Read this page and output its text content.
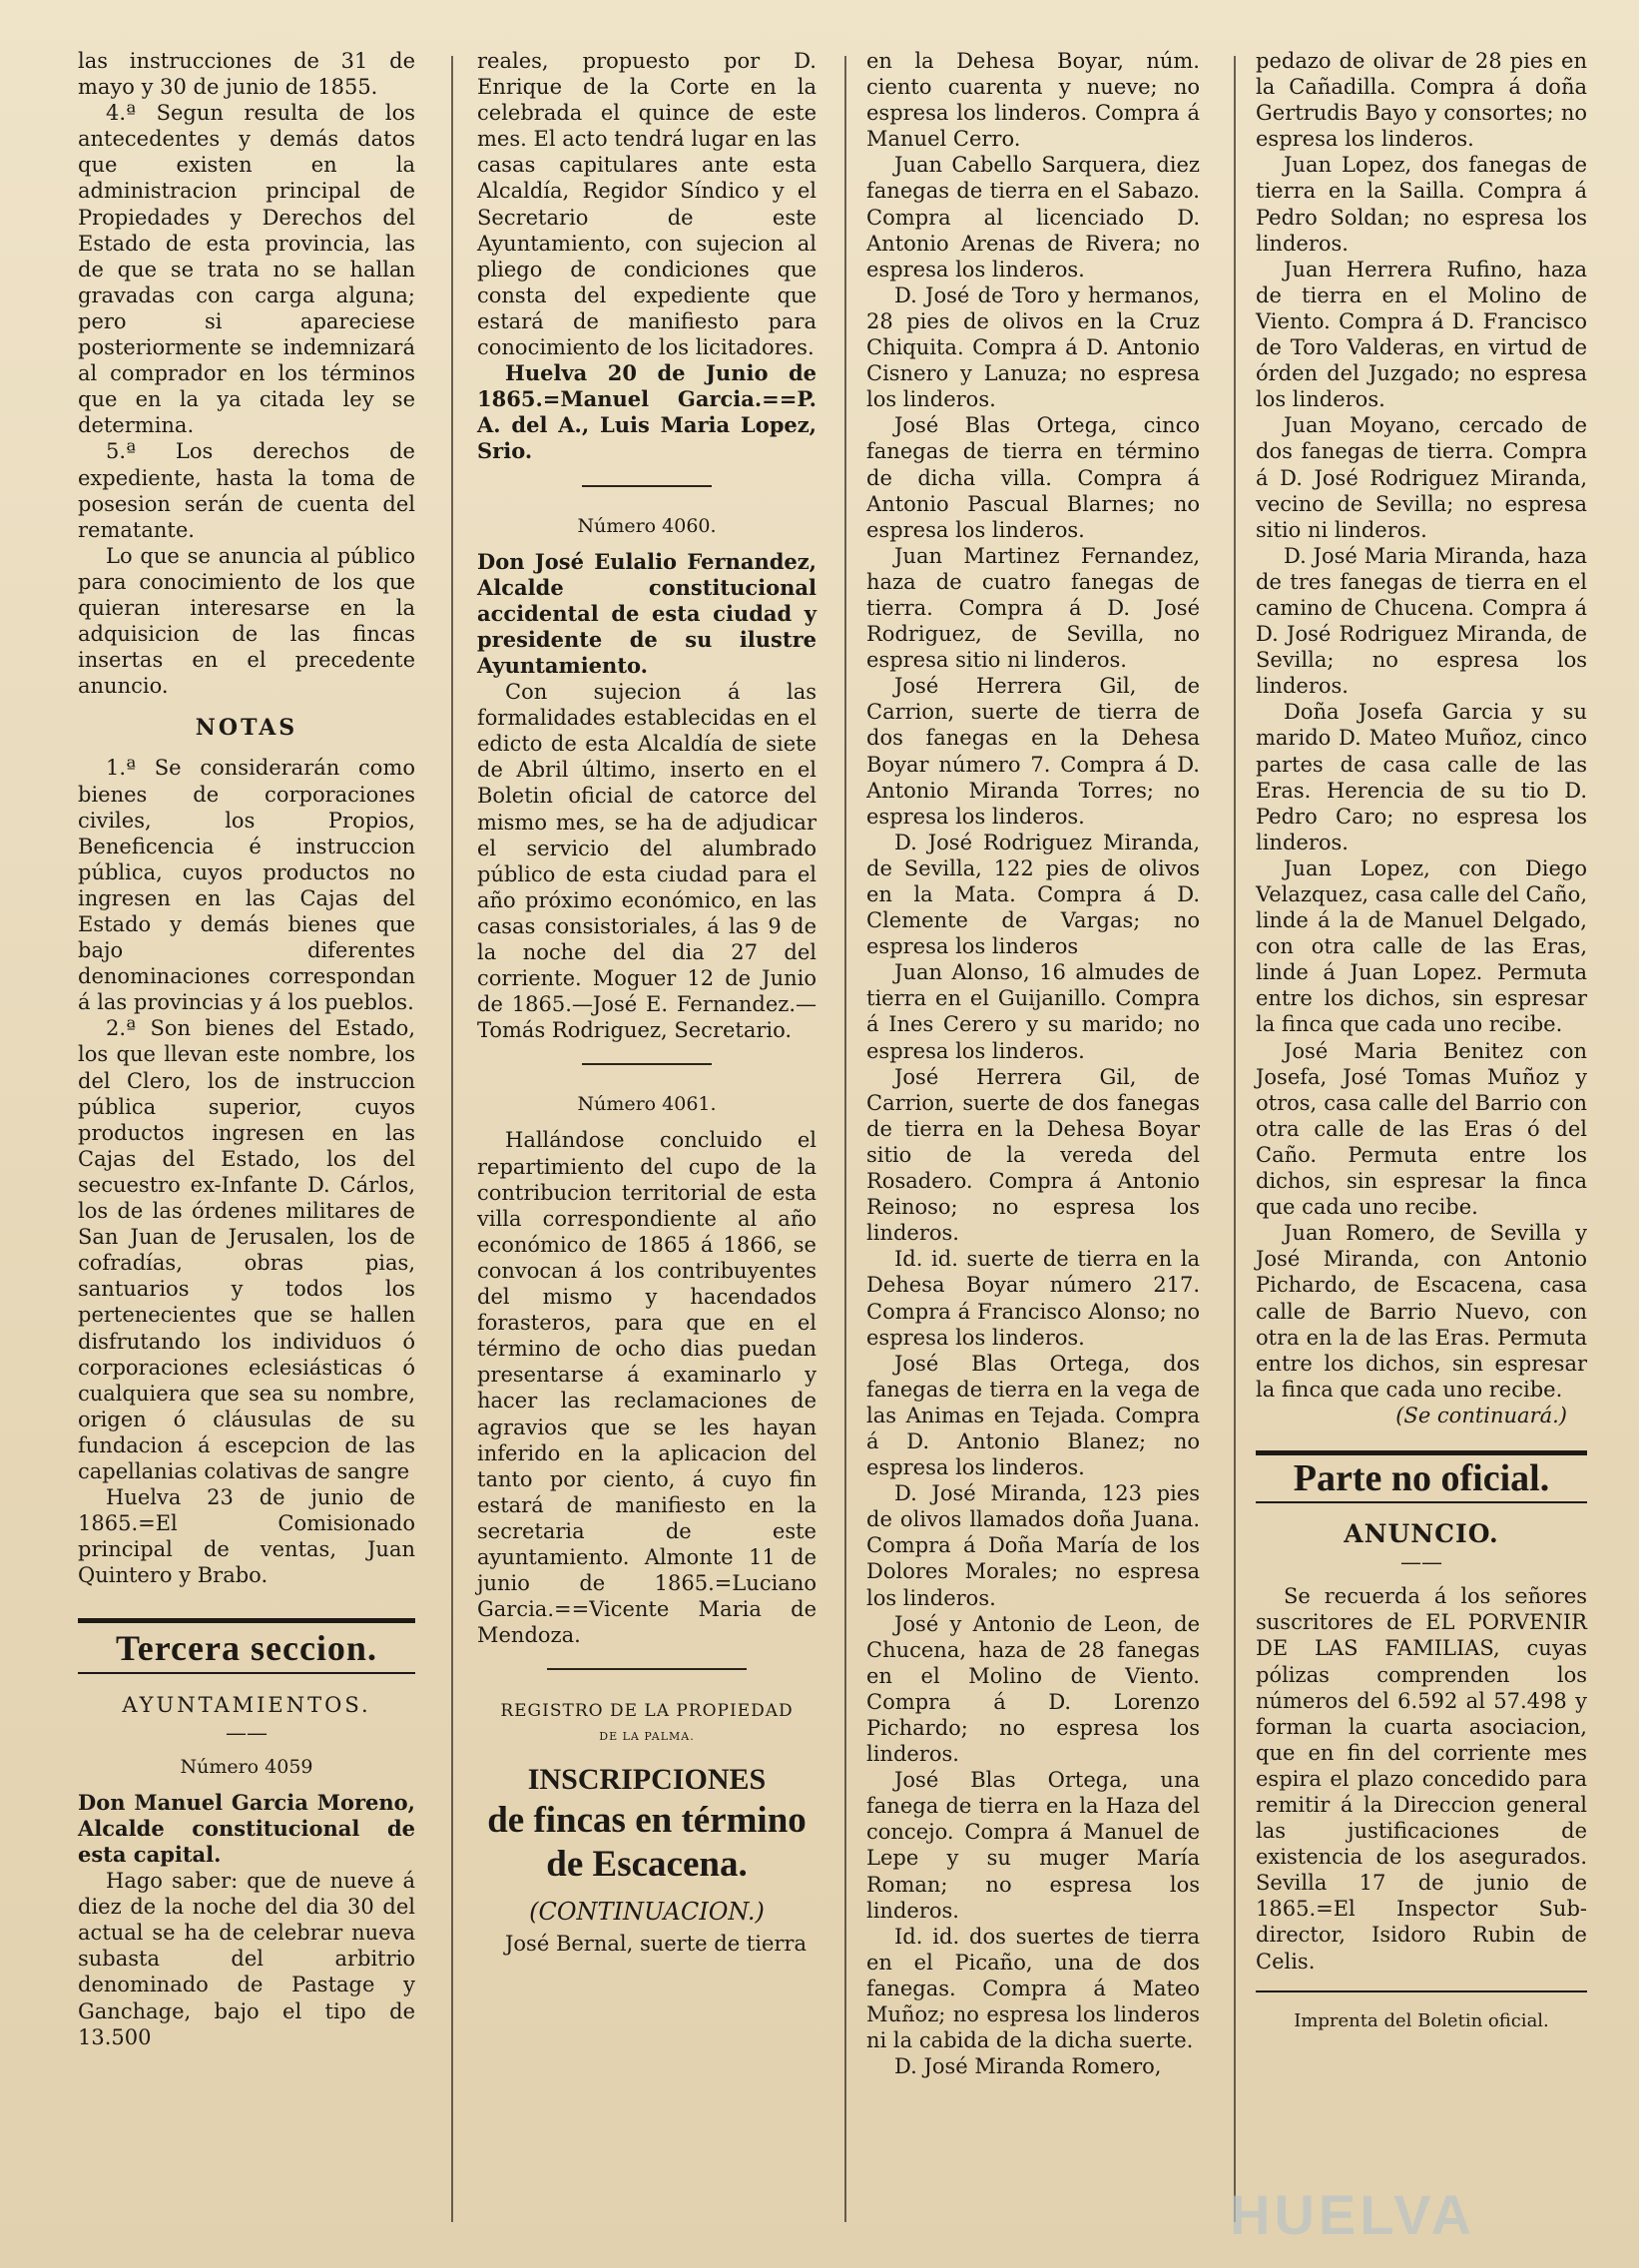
las instrucciones de 31 de mayo y 30 de junio de 1855.

4.ª Segun resulta de los antecedentes y demás datos que existen en la administracion principal de Propiedades y Derechos del Estado de esta provincia, las de que se trata no se hallan gravadas con carga alguna; pero si apareciese posteriormente se indemnizará al comprador en los términos que en la ya citada ley se determina.

5.ª Los derechos de expediente, hasta la toma de posesion serán de cuenta del rematante.

Lo que se anuncia al público para conocimiento de los que quieran interesarse en la adquisicion de las fincas insertas en el precedente anuncio.

NOTAS

1.ª Se considerarán como bienes de corporaciones civiles, los Propios, Beneficencia é instruccion pública, cuyos productos no ingresen en las Cajas del Estado y demás bienes que bajo diferentes denominaciones correspondan á las provincias y á los pueblos.

2.ª Son bienes del Estado, los que llevan este nombre, los del Clero, los de instruccion pública superior, cuyos productos ingresen en las Cajas del Estado, los del secuestro ex-Infante D. Cárlos, los de las órdenes militares de San Juan de Jerusalen, los de cofradías, obras pias, santuarios y todos los pertenecientes que se hallen disfrutando los individuos ó corporaciones eclesiásticas ó cualquiera que sea su nombre, origen ó cláusulas de su fundacion á escepcion de las capellanias colativas de sangre

Huelva 23 de junio de 1865.=El Comisionado principal de ventas, Juan Quintero y Brabo.

Tercera seccion.
AYUNTAMIENTOS.
——
Número 4059

Don Manuel Garcia Moreno, Alcalde constitucional de esta capital.

Hago saber: que de nueve á diez de la noche del dia 30 del actual se ha de celebrar nueva subasta del arbitrio denominado de Pastage y Ganchage, bajo el tipo de 13.500

reales, propuesto por D. Enrique de la Corte en la celebrada el quince de este mes. El acto tendrá lugar en las casas capitulares ante esta Alcaldía, Regidor Síndico y el Secretario de este Ayuntamiento, con sujecion al pliego de condiciones que consta del expediente que estará de manifiesto para conocimiento de los licitadores.

Huelva 20 de Junio de 1865.=Manuel Garcia.==P. A. del A., Luis Maria Lopez, Srio.

Número 4060.

Don José Eulalio Fernandez, Alcalde constitucional accidental de esta ciudad y presidente de su ilustre Ayuntamiento.

Con sujecion á las formalidades establecidas en el edicto de esta Alcaldía de siete de Abril último, inserto en el Boletin oficial de catorce del mismo mes, se ha de adjudicar el servicio del alumbrado público de esta ciudad para el año próximo económico, en las casas consistoriales, á las 9 de la noche del dia 27 del corriente. Moguer 12 de Junio de 1865.—José E. Fernandez.—Tomás Rodriguez, Secretario.

Número 4061.

Hallándose concluido el repartimiento del cupo de la contribucion territorial de esta villa correspondiente al año económico de 1865 á 1866, se convocan á los contribuyentes del mismo y hacendados forasteros, para que en el término de ocho dias puedan presentarse á examinarlo y hacer las reclamaciones de agravios que se les hayan inferido en la aplicacion del tanto por ciento, á cuyo fin estará de manifiesto en la secretaria de este ayuntamiento. Almonte 11 de junio de 1865.=Luciano Garcia.==Vicente Maria de Mendoza.

REGISTRO DE LA PROPIEDAD
DE LA PALMA.
INSCRIPCIONES
de fincas en término de Escacena.
(CONTINUACION.)

José Bernal, suerte de tierra

en la Dehesa Boyar, núm. ciento cuarenta y nueve; no espresa los linderos. Compra á Manuel Cerro.

Juan Cabello Sarquera, diez fanegas de tierra en el Sabazo. Compra al licenciado D. Antonio Arenas de Rivera; no espresa los linderos.

D. José de Toro y hermanos, 28 pies de olivos en la Cruz Chiquita. Compra á D. Antonio Cisnero y Lanuza; no espresa los linderos.

José Blas Ortega, cinco fanegas de tierra en término de dicha villa. Compra á Antonio Pascual Blarnes; no espresa los linderos.

Juan Martinez Fernandez, haza de cuatro fanegas de tierra. Compra á D. José Rodriguez, de Sevilla, no espresa sitio ni linderos.

José Herrera Gil, de Carrion, suerte de tierra de dos fanegas en la Dehesa Boyar número 7. Compra á D. Antonio Miranda Torres; no espresa los linderos.

D. José Rodriguez Miranda, de Sevilla, 122 pies de olivos en la Mata. Compra á D. Clemente de Vargas; no espresa los linderos

Juan Alonso, 16 almudes de tierra en el Guijanillo. Compra á Ines Cerero y su marido; no espresa los linderos.

José Herrera Gil, de Carrion, suerte de dos fanegas de tierra en la Dehesa Boyar sitio de la vereda del Rosadero. Compra á Antonio Reinoso; no espresa los linderos.

Id. id. suerte de tierra en la Dehesa Boyar número 217. Compra á Francisco Alonso; no espresa los linderos.

José Blas Ortega, dos fanegas de tierra en la vega de las Animas en Tejada. Compra á D. Antonio Blanez; no espresa los linderos.

D. José Miranda, 123 pies de olivos llamados doña Juana. Compra á Doña María de los Dolores Morales; no espresa los linderos.

José y Antonio de Leon, de Chucena, haza de 28 fanegas en el Molino de Viento. Compra á D. Lorenzo Pichardo; no espresa los linderos.

José Blas Ortega, una fanega de tierra en la Haza del concejo. Compra á Manuel de Lepe y su muger María Roman; no espresa los linderos.

Id. id. dos suertes de tierra en el Picaño, una de dos fanegas. Compra á Mateo Muñoz; no espresa los linderos ni la cabida de la dicha suerte.

D. José Miranda Romero,

pedazo de olivar de 28 pies en la Cañadilla. Compra á doña Gertrudis Bayo y consortes; no espresa los linderos.

Juan Lopez, dos fanegas de tierra en la Sailla. Compra á Pedro Soldan; no espresa los linderos.

Juan Herrera Rufino, haza de tierra en el Molino de Viento. Compra á D. Francisco de Toro Valderas, en virtud de órden del Juzgado; no espresa los linderos.

Juan Moyano, cercado de dos fanegas de tierra. Compra á D. José Rodriguez Miranda, vecino de Sevilla; no espresa sitio ni linderos.

D. José Maria Miranda, haza de tres fanegas de tierra en el camino de Chucena. Compra á D. José Rodriguez Miranda, de Sevilla; no espresa los linderos.

Doña Josefa Garcia y su marido D. Mateo Muñoz, cinco partes de casa calle de las Eras. Herencia de su tio D. Pedro Caro; no espresa los linderos.

Juan Lopez, con Diego Velazquez, casa calle del Caño, linde á la de Manuel Delgado, con otra calle de las Eras, linde á Juan Lopez. Permuta entre los dichos, sin espresar la finca que cada uno recibe.

José Maria Benitez con Josefa, José Tomas Muñoz y otros, casa calle del Barrio con otra calle de las Eras ó del Caño. Permuta entre los dichos, sin espresar la finca que cada uno recibe.

Juan Romero, de Sevilla y José Miranda, con Antonio Pichardo, de Escacena, casa calle de Barrio Nuevo, con otra en la de las Eras. Permuta entre los dichos, sin espresar la finca que cada uno recibe.

(Se continuará.)

Parte no oficial.
ANUNCIO.
——

Se recuerda á los señores suscritores de EL PORVENIR DE LAS FAMILIAS, cuyas pólizas comprenden los números del 6.592 al 57.498 y forman la cuarta asociacion, que en fin del corriente mes espira el plazo concedido para remitir á la Direccion general las justificaciones de existencia de los asegurados. Sevilla 17 de junio de 1865.=El Inspector Sub-director, Isidoro Rubin de Celis.

Imprenta del Boletin oficial.
HUELVA
